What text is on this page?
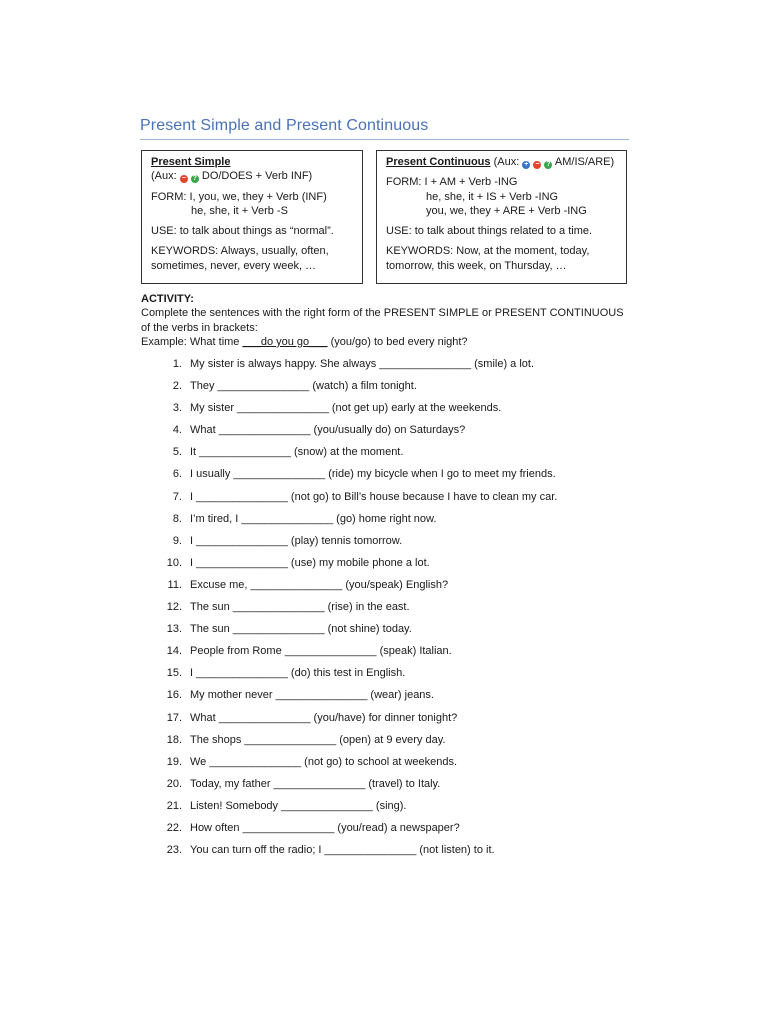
Present Simple and Present Continuous

Present Simple

(Aux: − ? DO/DOES + Verb INF)

FORM: I, you, we, they + Verb (INF)

he, she, it + Verb -S

USE: to talk about things as “normal”.

KEYWORDS: Always, usually, often,

sometimes, never, every week, …

Present Continuous (Aux: + − ? AM/IS/ARE)

FORM: I + AM + Verb -ING

he, she, it + IS + Verb -ING

you, we, they + ARE + Verb -ING

USE: to talk about things related to a time.

KEYWORDS: Now, at the moment, today,

tomorrow, this week, on Thursday, …

ACTIVITY:

Complete the sentences with the right form of the PRESENT SIMPLE or PRESENT CONTINUOUS of the verbs in brackets:

Example: What time ___do you go___ (you/go) to bed every night?

1. My sister is always happy. She always _______________ (smile) a lot.
2. They _______________ (watch) a film tonight.
3. My sister _______________ (not get up) early at the weekends.
4. What _______________ (you/usually do) on Saturdays?
5. It _______________ (snow) at the moment.
6. I usually _______________ (ride) my bicycle when I go to meet my friends.
7. I _______________ (not go) to Bill’s house because I have to clean my car.
8. I’m tired, I _______________ (go) home right now.
9. I _______________ (play) tennis tomorrow.
10. I _______________ (use) my mobile phone a lot.
11. Excuse me, _______________ (you/speak) English?
12. The sun _______________ (rise) in the east.
13. The sun _______________ (not shine) today.
14. People from Rome _______________ (speak) Italian.
15. I _______________ (do) this test in English.
16. My mother never _______________ (wear) jeans.
17. What _______________ (you/have) for dinner tonight?
18. The shops _______________ (open) at 9 every day.
19. We _______________ (not go) to school at weekends.
20. Today, my father _______________ (travel) to Italy.
21. Listen! Somebody _______________ (sing).
22. How often _______________ (you/read) a newspaper?
23. You can turn off the radio; I _______________ (not listen) to it.
